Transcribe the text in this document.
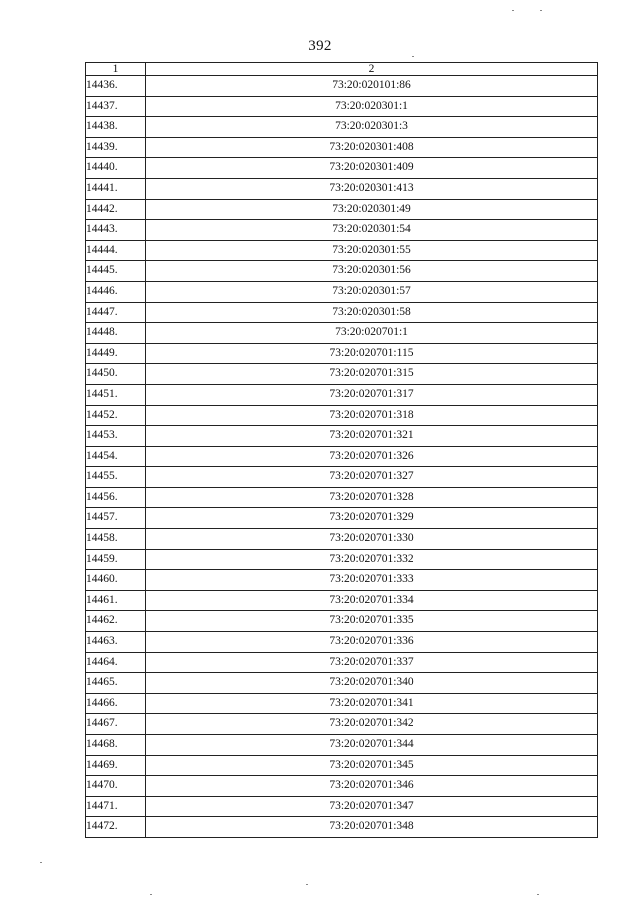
392
1	2
14436.	73:20:020101:86
14437.	73:20:020301:1
14438.	73:20:020301:3
14439.	73:20:020301:408
14440.	73:20:020301:409
14441.	73:20:020301:413
14442.	73:20:020301:49
14443.	73:20:020301:54
14444.	73:20:020301:55
14445.	73:20:020301:56
14446.	73:20:020301:57
14447.	73:20:020301:58
14448.	73:20:020701:1
14449.	73:20:020701:115
14450.	73:20:020701:315
14451.	73:20:020701:317
14452.	73:20:020701:318
14453.	73:20:020701:321
14454.	73:20:020701:326
14455.	73:20:020701:327
14456.	73:20:020701:328
14457.	73:20:020701:329
14458.	73:20:020701:330
14459.	73:20:020701:332
14460.	73:20:020701:333
14461.	73:20:020701:334
14462.	73:20:020701:335
14463.	73:20:020701:336
14464.	73:20:020701:337
14465.	73:20:020701:340
14466.	73:20:020701:341
14467.	73:20:020701:342
14468.	73:20:020701:344
14469.	73:20:020701:345
14470.	73:20:020701:346
14471.	73:20:020701:347
14472.	73:20:020701:348
